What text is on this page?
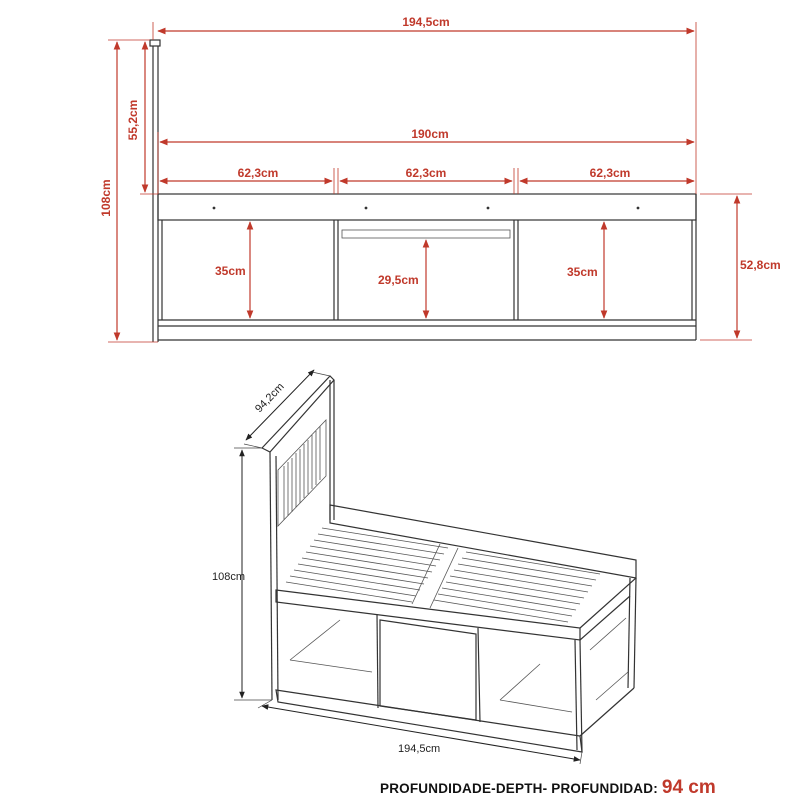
194,5cm
190cm
62,3cm	62,3cm	62,3cm
108cm
55,2cm
52,8cm
35cm
29,5cm
35cm
94,2cm
108cm
194,5cm
PROFUNDIDADE-DEPTH- PROFUNDIDAD: 94 cm
